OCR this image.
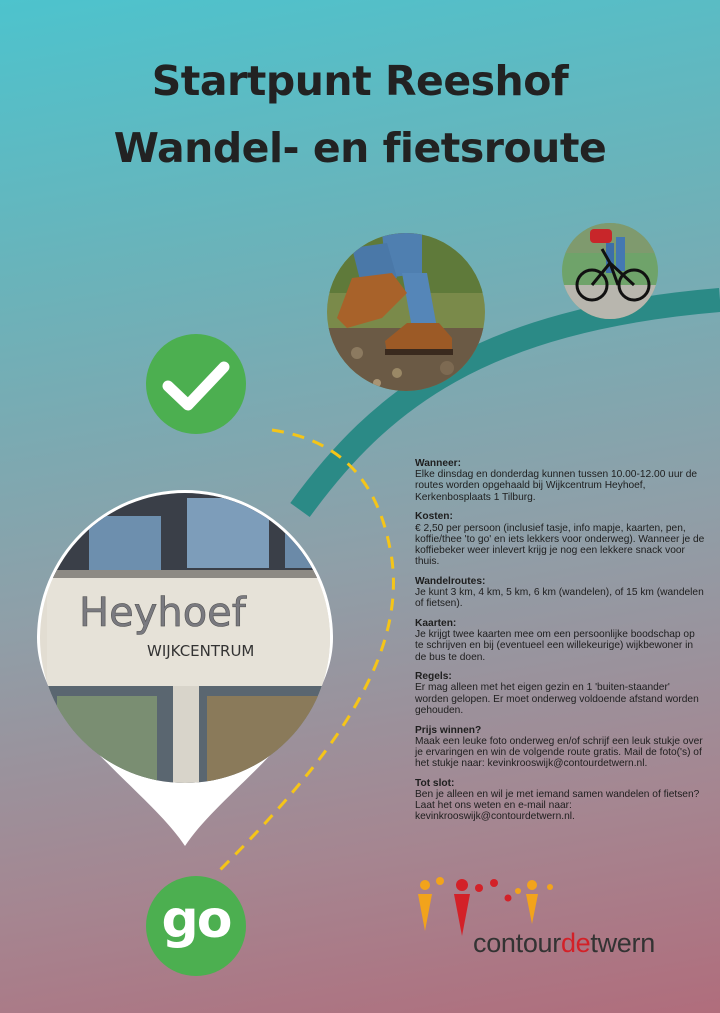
Startpunt Reeshof
Wandel- en fietsroute
Heyhoef
WIJKCENTRUM
Wanneer:

Elke dinsdag en donderdag kunnen tussen 10.00-12.00 uur de routes worden opgehaald bij Wijkcentrum Heyhoef, Kerkenbosplaats 1 Tilburg.

Kosten:

€ 2,50 per persoon (inclusief tasje, info mapje, kaarten, pen, koffie/thee 'to go' en iets lekkers voor onderweg). Wanneer je de koffiebeker weer inlevert krijg je nog een lekkere snack voor thuis.

Wandelroutes:

Je kunt 3 km, 4 km, 5 km, 6 km (wandelen), of 15 km (wandelen of fietsen).

Kaarten:

Je krijgt twee kaarten mee om een persoonlijke boodschap op te schrijven en bij (eventueel een willekeurige) wijkbewoner in de bus te doen.

Regels:

Er mag alleen met het eigen gezin en 1 'buiten-staander' worden gelopen. Er moet onderweg voldoende afstand worden gehouden.

Prijs winnen?

Maak een leuke foto onderweg en/of schrijf een leuk stukje over je ervaringen en win de volgende route gratis. Mail de foto('s) of het stukje naar: kevinkrooswijk@contourdetwern.nl.

Tot slot:

Ben je alleen en wil je met iemand samen wandelen of fietsen? Laat het ons weten en e-mail naar: kevinkrooswijk@contourdetwern.nl.

go	contourdetwern
